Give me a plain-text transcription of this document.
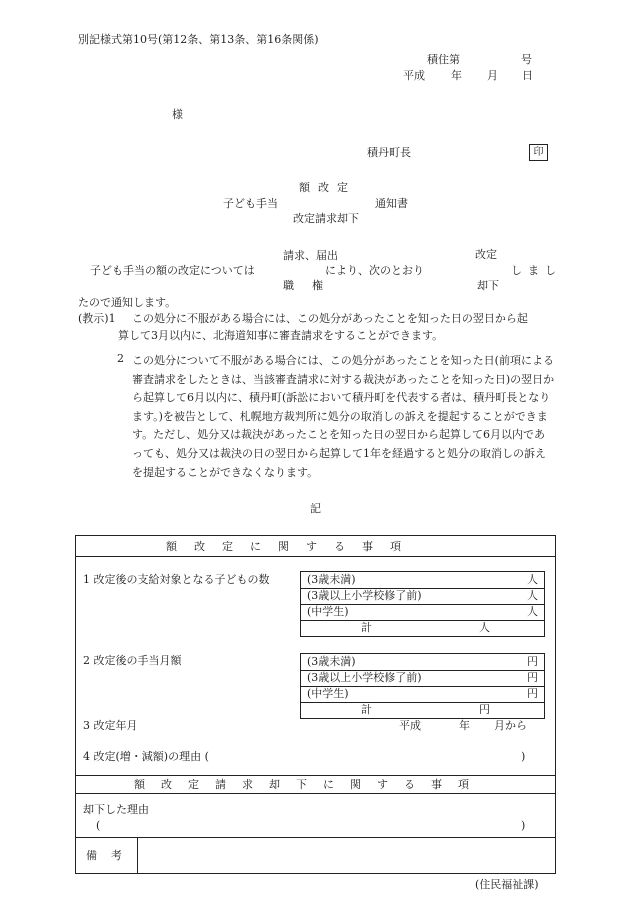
別記様式第10号(第12条、第13条、第16条関係)
積住第	号
平成 年 月 日
様
積丹町長	印
額改定
子ども手当	通知書
改定請求却下
請求、届出	改定
子ども手当の額の改定については	により、次のとおり	しまし
職権	却下
たので通知します。
(教示)1 この処分に不服がある場合には、この処分があったことを知った日の翌日から起
算して3月以内に、北海道知事に審査請求をすることができます。
2 この処分について不服がある場合には、この処分があったことを知った日(前項による審査請求をしたときは、当該審査請求に対する裁決があったことを知った日)の翌日から起算して6月以内に、積丹町(訴訟において積丹町を代表する者は、積丹町長となります。)を被告として、札幌地方裁判所に処分の取消しの訴えを提起することができます。ただし、処分又は裁決があったことを知った日の翌日から起算して6月以内であっても、処分又は裁決の日の翌日から起算して1年を経過すると処分の取消しの訴えを提起することができなくなります。
記
額改定に関する事項
1 改定後の支給対象となる子どもの数	(3歳未満)	人
(3歳以上小学校修了前)	人
(中学生)	人
計	人
2 改定後の手当月額	(3歳未満)	円
(3歳以上小学校修了前)	円
(中学生)	円
計	円
3 改定年月	平成	年 月から
4 改定(増・減額)の理由 (	)
額改定請求却下に関する事項
却下した理由
(	)
備考
(住民福祉課)
